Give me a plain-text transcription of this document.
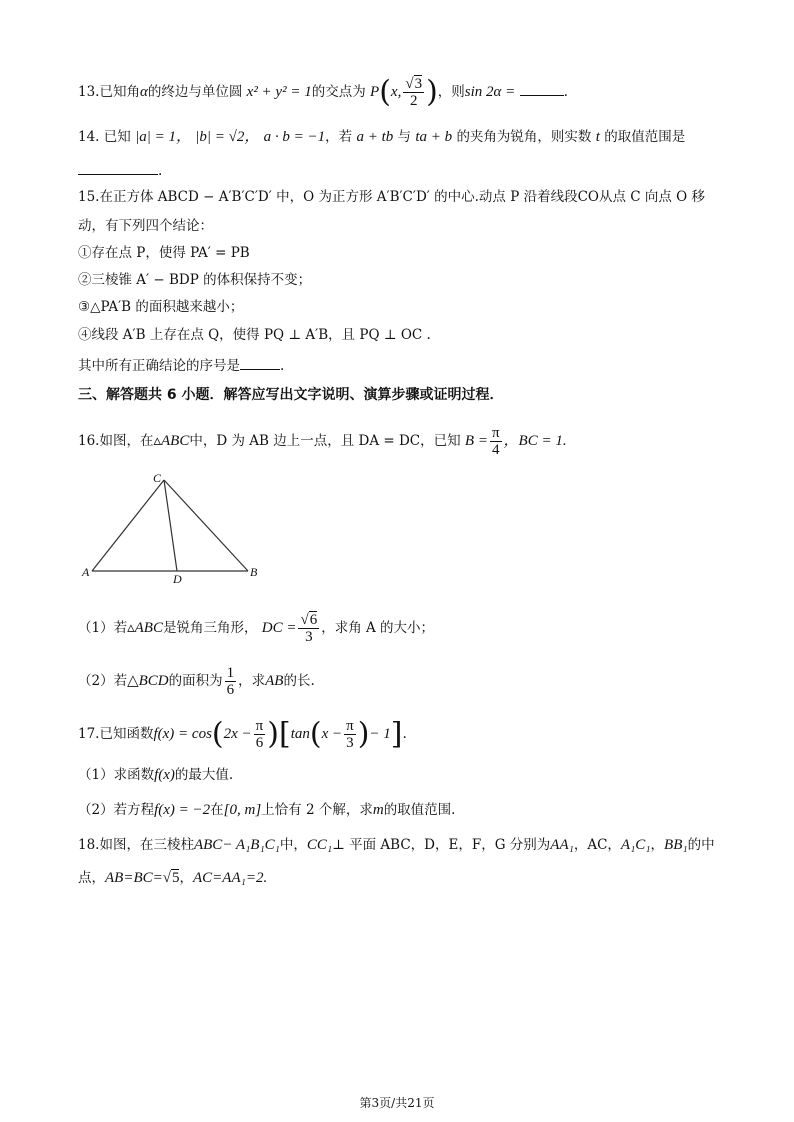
13.已知角α的终边与单位圆 x² + y² = 1的交点为 P(x, $\frac{√3}{2}$ )，则sin 2α =	.
14. 已知 |a| = 1， |b| = √2， a · b = −1，若 a + tb 与 ta + b 的夹角为锐角，则实数 t 的取值范围是
.
15.在正方体 ABCD − A′B′C′D′ 中，O 为正方形 A′B′C′D′ 的中心.动点 P 沿着线段CO从点 C 向点 O 移
动，有下列四个结论：
①存在点 P，使得 PA′ = PB
②三棱锥 A′ − BDP 的体积保持不变；
③△PA′B 的面积越来越小；
④线段 A′B 上存在点 Q，使得 PQ ⊥ A′B，且 PQ ⊥ OC .
其中所有正确结论的序号是	.
三、解答题共 6 小题．解答应写出文字说明、演算步骤或证明过程．
16.如图，在▵ABC中，D 为 AB 边上一点，且 DA = DC，已知 $B = \frac{\pi}{4}$ ，BC = 1.
C
A	B
D
（1）若▵ABC是锐角三角形， DC = $\frac{√6}{3}$ ，求角 A 的大小；
（2）若△BCD的面积为 $\frac{1}{6}$ ，求AB的长.
17.已知函数$f(x) = \cos(2x - \frac{\pi}{6} )[\tan(x - \frac{\pi}{3}$ )− 1].
（1）求函数f(x)的最大值.
（2）若方程f(x) = −2在[0, m]上恰有 2 个解，求m的取值范围.
18.如图，在三棱柱ABC− A₁B₁C₁中，CC₁⊥ 平面 ABC，D，E，F，G 分别为AA₁，AC，A₁C₁，BB₁的中
点，AB=BC=√5，AC=AA₁=2.
第3页/共21页
